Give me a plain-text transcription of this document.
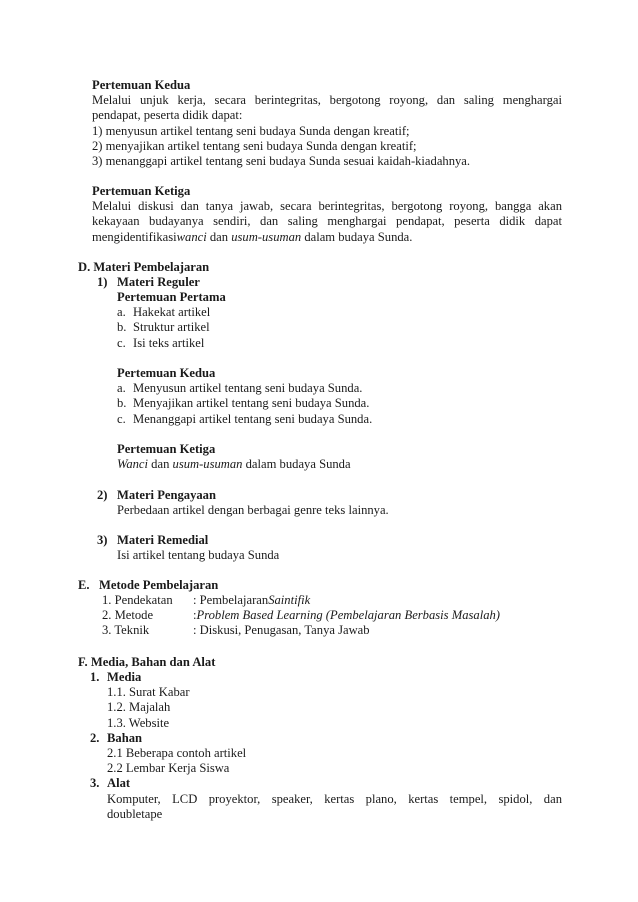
Pertemuan Kedua
Melalui unjuk kerja, secara berintegritas, bergotong royong, dan saling menghargai pendapat, peserta didik dapat:
1) menyusun artikel tentang seni budaya Sunda dengan kreatif;
2) menyajikan artikel tentang seni budaya Sunda dengan kreatif;
3) menanggapi artikel tentang seni budaya Sunda sesuai kaidah-kiadahnya.
Pertemuan Ketiga
Melalui diskusi dan tanya jawab, secara berintegritas, bergotong royong, bangga akan kekayaan budayanya sendiri, dan saling menghargai pendapat, peserta didik dapat mengidentifikasiwanci dan usum-usuman dalam budaya Sunda.
D. Materi Pembelajaran
1) Materi Reguler
Pertemuan Pertama
a. Hakekat artikel
b. Struktur artikel
c. Isi teks artikel
Pertemuan Kedua
a. Menyusun artikel tentang seni budaya Sunda.
b. Menyajikan artikel tentang seni budaya Sunda.
c. Menanggapi artikel tentang seni budaya Sunda.
Pertemuan Ketiga
Wanci dan usum-usuman dalam budaya Sunda
2) Materi Pengayaan
Perbedaan artikel dengan berbagai genre teks lainnya.
3) Materi Remedial
Isi artikel tentang budaya Sunda
E. Metode Pembelajaran
1. Pendekatan	: Pembelajaran Saintifik
2. Metode	: Problem Based Learning (Pembelajaran Berbasis Masalah)
3. Teknik	: Diskusi, Penugasan, Tanya Jawab
F. Media, Bahan dan Alat
1. Media
1.1. Surat Kabar
1.2. Majalah
1.3. Website
2. Bahan
2.1 Beberapa contoh artikel
2.2 Lembar Kerja Siswa
3. Alat
Komputer, LCD proyektor, speaker, kertas plano, kertas tempel, spidol, dan doubletape
